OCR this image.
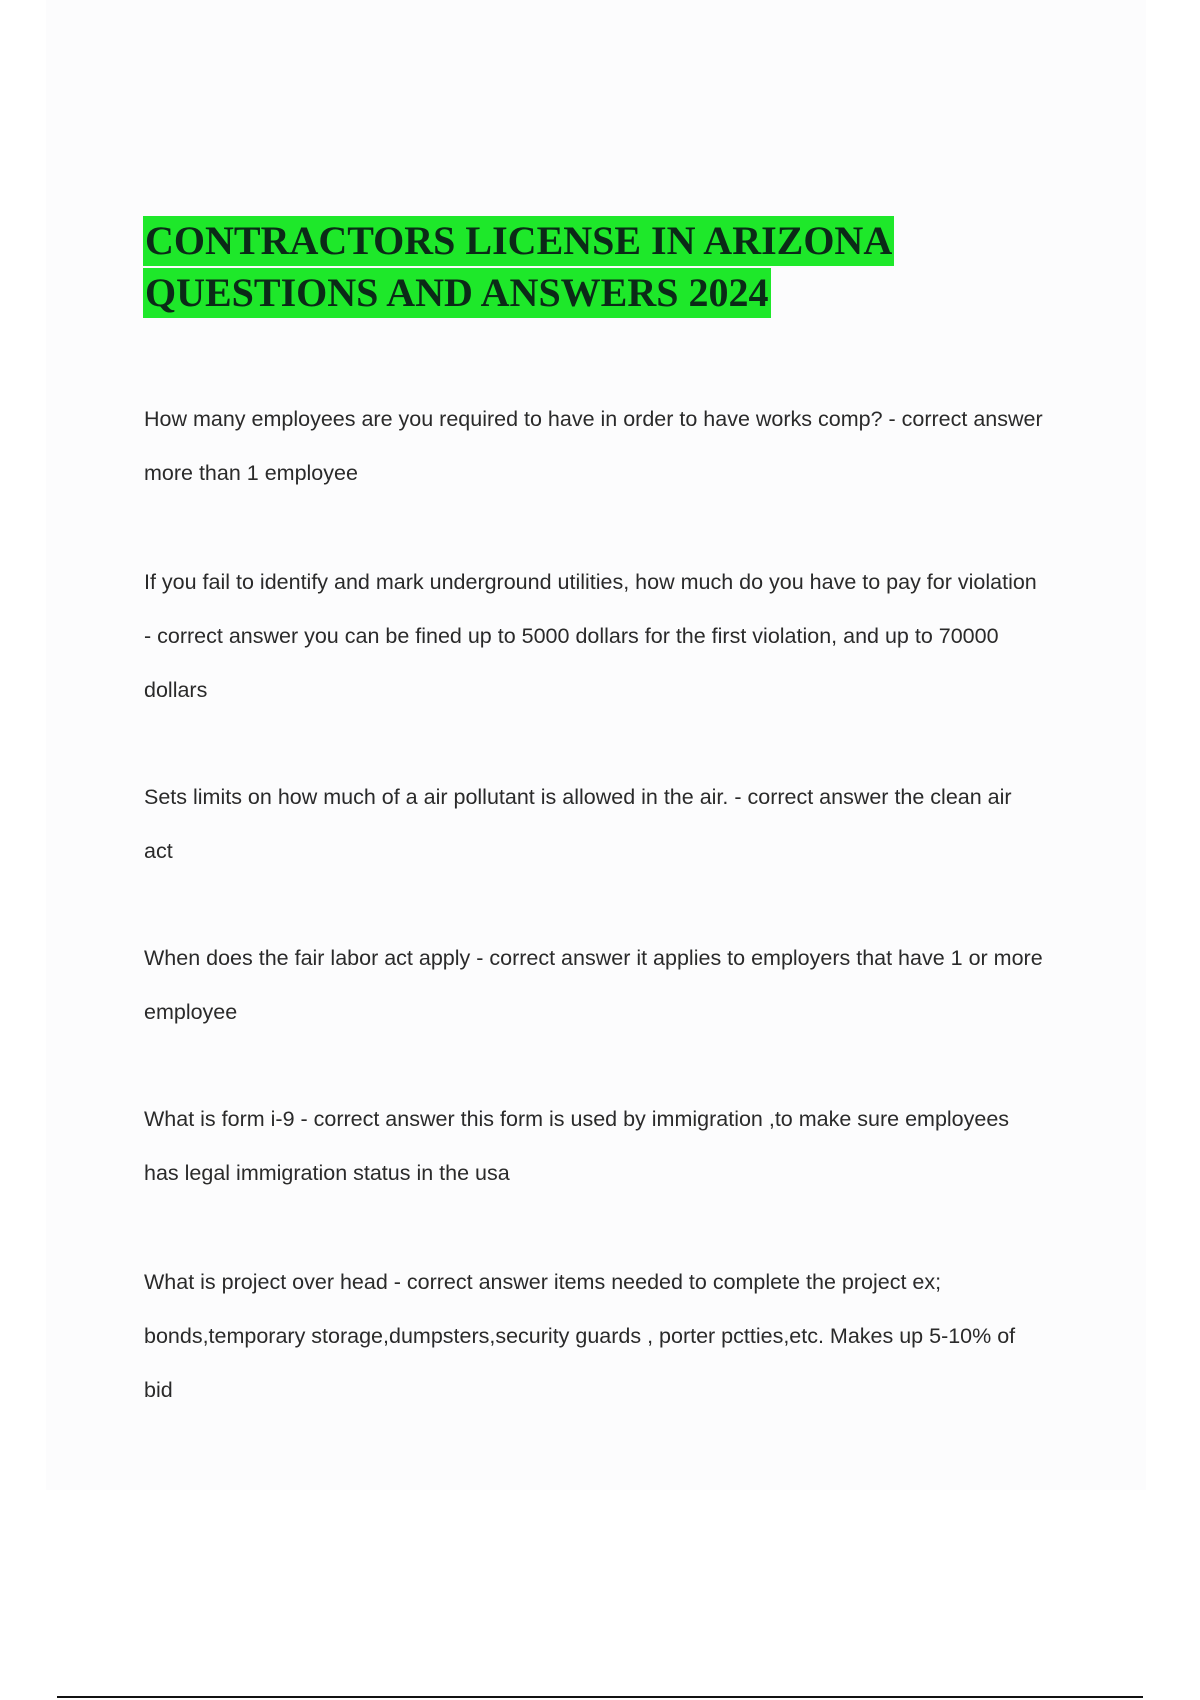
CONTRACTORS LICENSE IN ARIZONA
QUESTIONS AND ANSWERS 2024

How many employees are you required to have in order to have works comp? - correct answer more than 1 employee

If you fail to identify and mark underground utilities, how much do you have to pay for violation - correct answer you can be fined up to 5000 dollars for the first violation, and up to 70000 dollars

Sets limits on how much of a air pollutant is allowed in the air. - correct answer the clean air act

When does the fair labor act apply - correct answer it applies to employers that have 1 or more employee

What is form i-9 - correct answer this form is used by immigration ,to make sure employees has legal immigration status in the usa

What is project over head - correct answer items needed to complete the project ex; bonds,temporary storage,dumpsters,security guards , porter pctties,etc. Makes up 5-10% of bid
